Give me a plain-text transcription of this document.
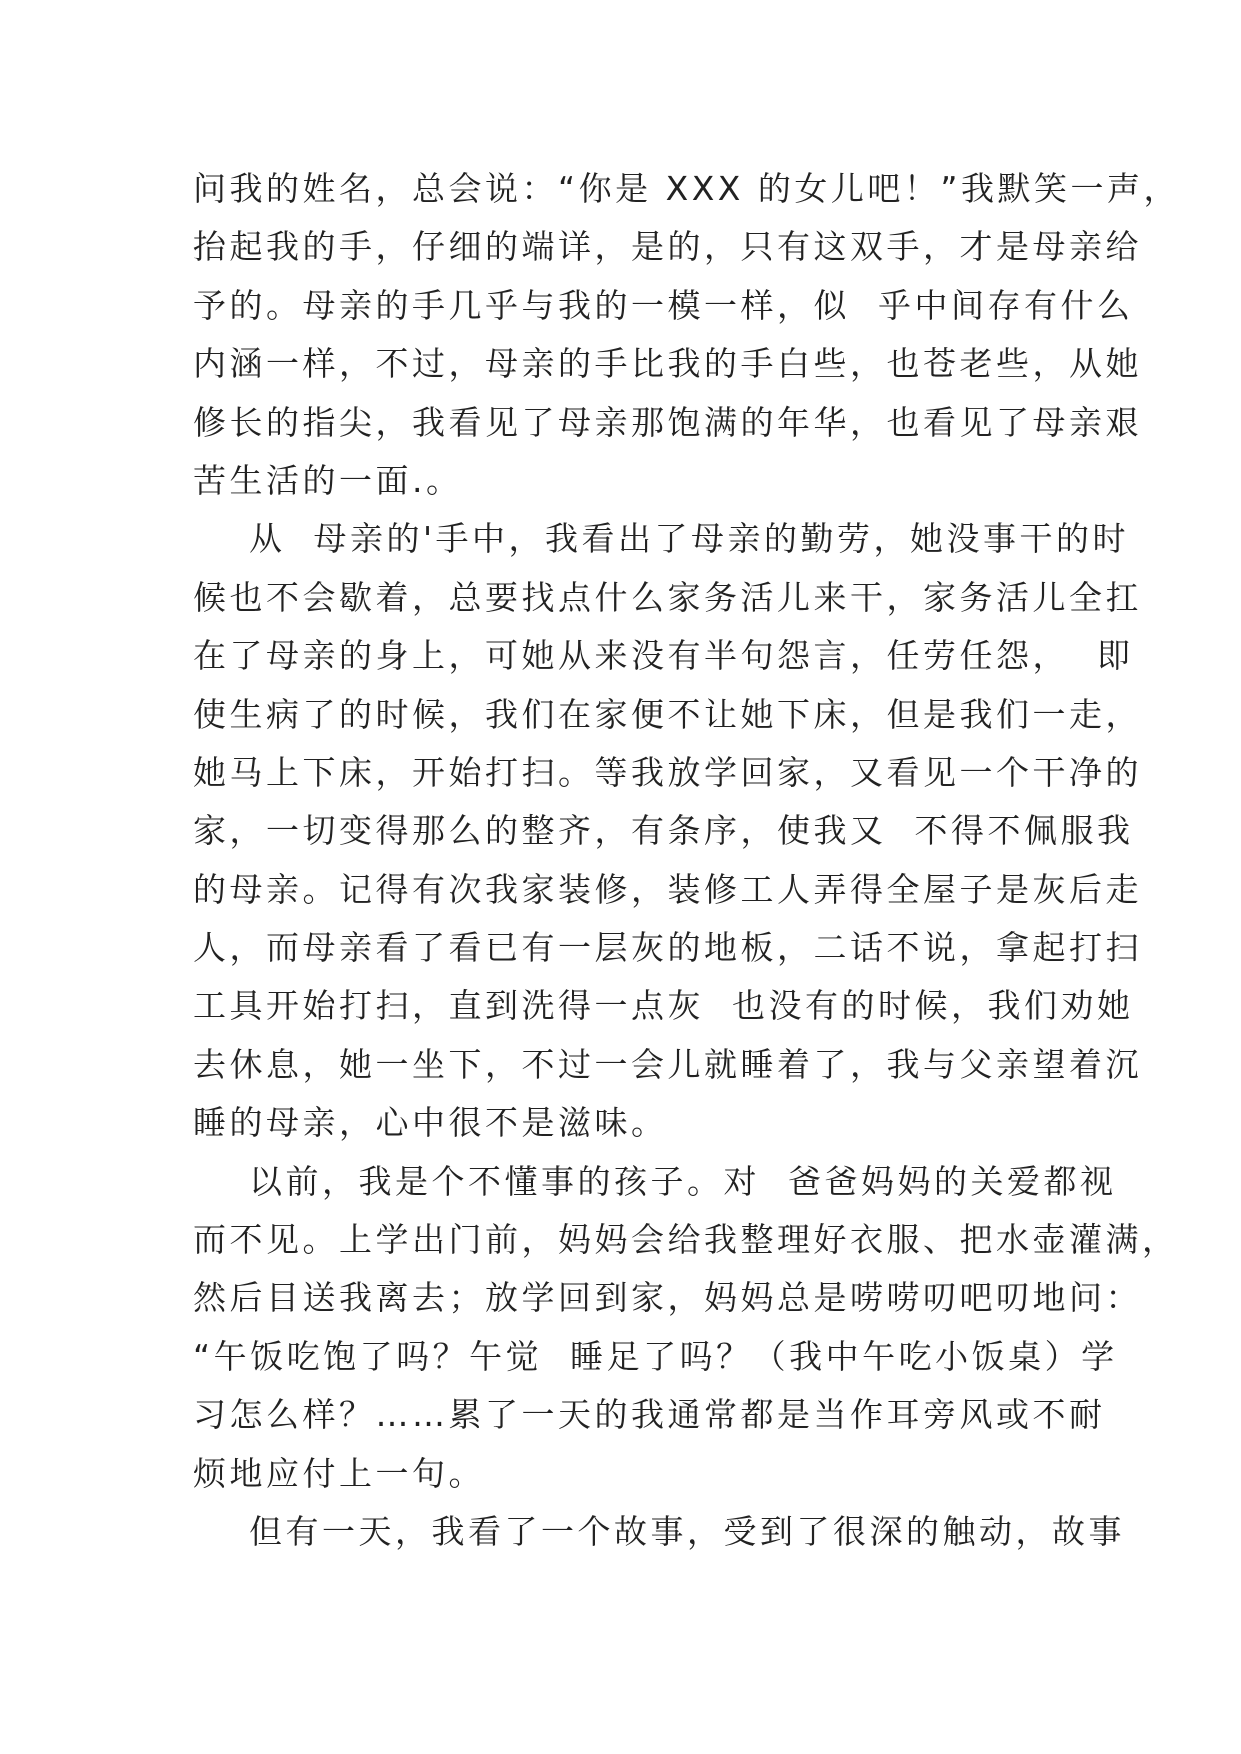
问我的姓名，总会说：“你是 XXX 的女儿吧！”我默笑一声，
抬起我的手，仔细的端详，是的，只有这双手，才是母亲给
予的。母亲的手几乎与我的一模一样，似  乎中间存有什么
内涵一样，不过，母亲的手比我的手白些，也苍老些，从她
修长的指尖，我看见了母亲那饱满的年华，也看见了母亲艰
苦生活的一面.。
从  母亲的'手中，我看出了母亲的勤劳，她没事干的时
候也不会歇着，总要找点什么家务活儿来干，家务活儿全扛
在了母亲的身上，可她从来没有半句怨言，任劳任怨，  即
使生病了的时候，我们在家便不让她下床，但是我们一走，
她马上下床，开始打扫。等我放学回家，又看见一个干净的
家，一切变得那么的整齐，有条序，使我又  不得不佩服我
的母亲。记得有次我家装修，装修工人弄得全屋子是灰后走
人，而母亲看了看已有一层灰的地板，二话不说，拿起打扫
工具开始打扫，直到洗得一点灰  也没有的时候，我们劝她
去休息，她一坐下，不过一会儿就睡着了，我与父亲望着沉
睡的母亲，心中很不是滋味。
以前，我是个不懂事的孩子。对  爸爸妈妈的关爱都视
而不见。上学出门前，妈妈会给我整理好衣服、把水壶灌满，
然后目送我离去；放学回到家，妈妈总是唠唠叨吧叨地问：
“午饭吃饱了吗？午觉  睡足了吗？（我中午吃小饭桌）学
习怎么样？……累了一天的我通常都是当作耳旁风或不耐
烦地应付上一句。
但有一天，我看了一个故事，受到了很深的触动，故事
